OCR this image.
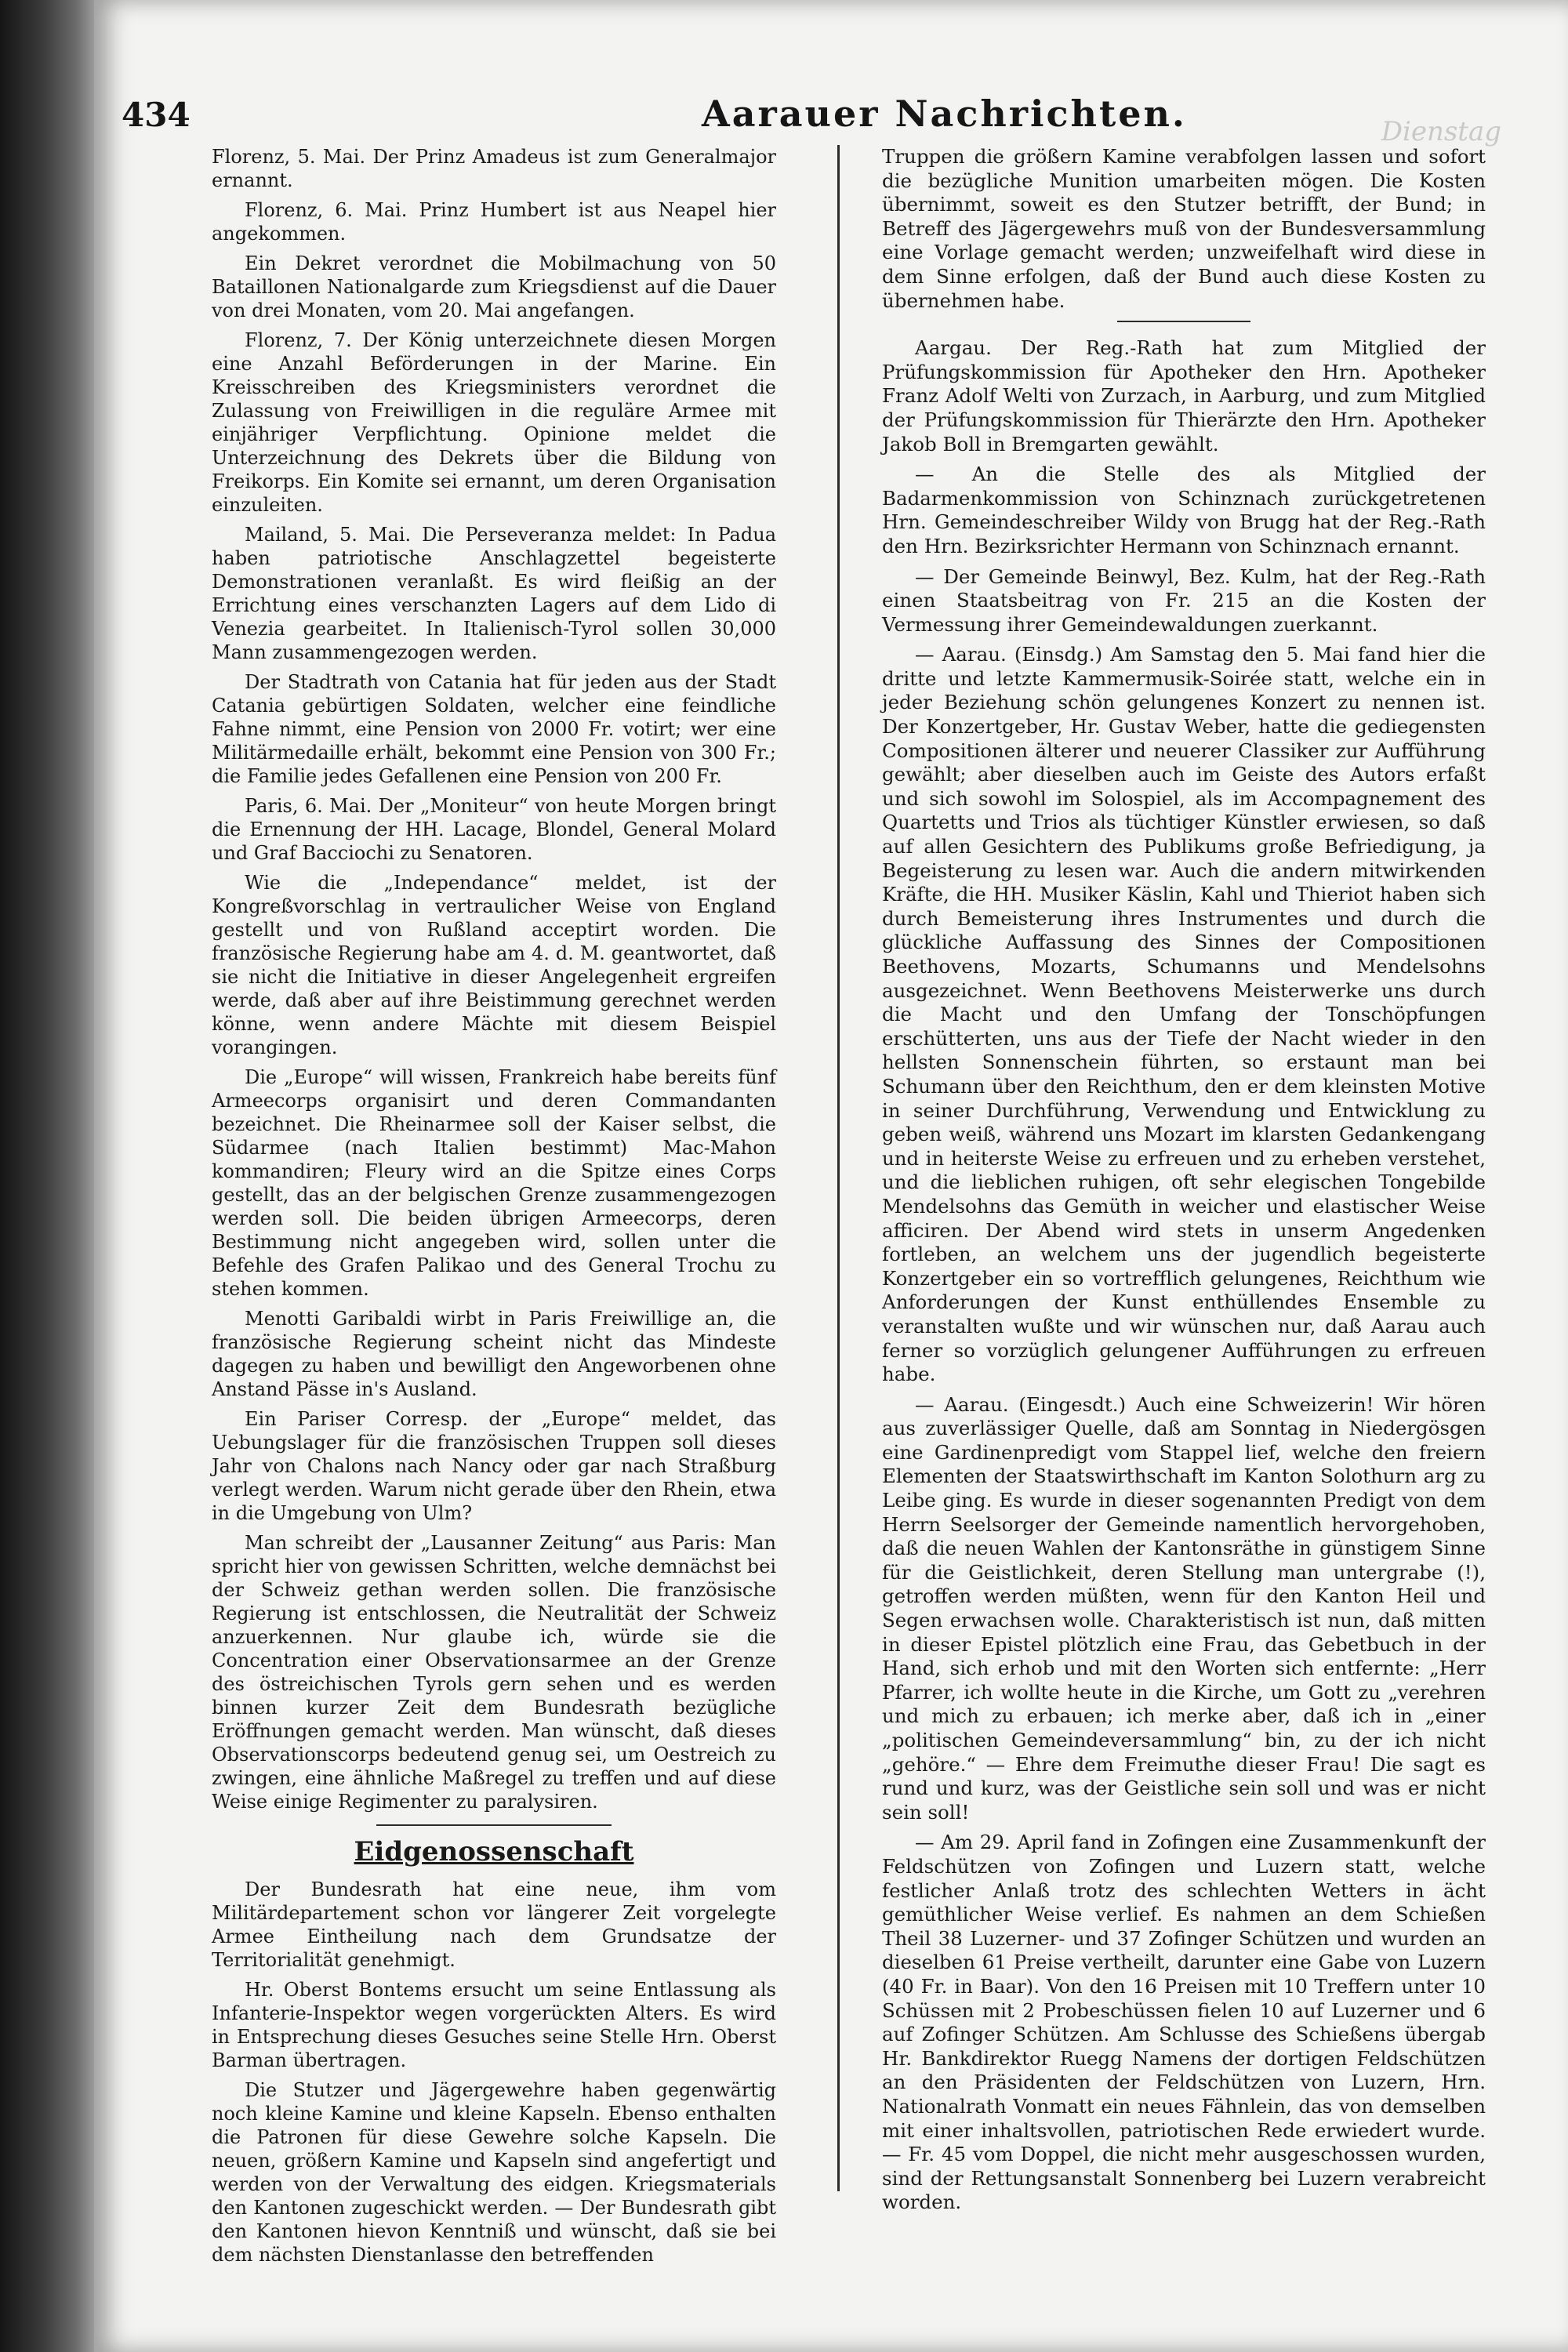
434	Aarauer Nachrichten.	Dienstag

Florenz, 5. Mai. Der Prinz Amadeus ist zum Generalmajor ernannt.

Florenz, 6. Mai. Prinz Humbert ist aus Neapel hier angekommen.

Ein Dekret verordnet die Mobilmachung von 50 Bataillonen Nationalgarde zum Kriegsdienst auf die Dauer von drei Monaten, vom 20. Mai angefangen.

Florenz, 7. Der König unterzeichnete diesen Morgen eine Anzahl Beförderungen in der Marine. Ein Kreisschreiben des Kriegsministers verordnet die Zulassung von Freiwilligen in die reguläre Armee mit einjähriger Verpflichtung. Opinione meldet die Unterzeichnung des Dekrets über die Bildung von Freikorps. Ein Komite sei ernannt, um deren Organisation einzuleiten.

Mailand, 5. Mai. Die Perseveranza meldet: In Padua haben patriotische Anschlagzettel begeisterte Demonstrationen veranlaßt. Es wird fleißig an der Errichtung eines verschanzten Lagers auf dem Lido di Venezia gearbeitet. In Italienisch-Tyrol sollen 30,000 Mann zusammengezogen werden.

Der Stadtrath von Catania hat für jeden aus der Stadt Catania gebürtigen Soldaten, welcher eine feindliche Fahne nimmt, eine Pension von 2000 Fr. votirt; wer eine Militärmedaille erhält, bekommt eine Pension von 300 Fr.; die Familie jedes Gefallenen eine Pension von 200 Fr.

Paris, 6. Mai. Der „Moniteur“ von heute Morgen bringt die Ernennung der HH. Lacage, Blondel, General Molard und Graf Bacciochi zu Senatoren.

Wie die „Independance“ meldet, ist der Kongreßvorschlag in vertraulicher Weise von England gestellt und von Rußland acceptirt worden. Die französische Regierung habe am 4. d. M. geantwortet, daß sie nicht die Initiative in dieser Angelegenheit ergreifen werde, daß aber auf ihre Beistimmung gerechnet werden könne, wenn andere Mächte mit diesem Beispiel vorangingen.

Die „Europe“ will wissen, Frankreich habe bereits fünf Armeecorps organisirt und deren Commandanten bezeichnet. Die Rheinarmee soll der Kaiser selbst, die Südarmee (nach Italien bestimmt) Mac-Mahon kommandiren; Fleury wird an die Spitze eines Corps gestellt, das an der belgischen Grenze zusammengezogen werden soll. Die beiden übrigen Armeecorps, deren Bestimmung nicht angegeben wird, sollen unter die Befehle des Grafen Palikao und des General Trochu zu stehen kommen.

Menotti Garibaldi wirbt in Paris Freiwillige an, die französische Regierung scheint nicht das Mindeste dagegen zu haben und bewilligt den Angeworbenen ohne Anstand Pässe in's Ausland.

Ein Pariser Corresp. der „Europe“ meldet, das Uebungslager für die französischen Truppen soll dieses Jahr von Chalons nach Nancy oder gar nach Straßburg verlegt werden. Warum nicht gerade über den Rhein, etwa in die Umgebung von Ulm?

Man schreibt der „Lausanner Zeitung“ aus Paris: Man spricht hier von gewissen Schritten, welche demnächst bei der Schweiz gethan werden sollen. Die französische Regierung ist entschlossen, die Neutralität der Schweiz anzuerkennen. Nur glaube ich, würde sie die Concentration einer Observationsarmee an der Grenze des östreichischen Tyrols gern sehen und es werden binnen kurzer Zeit dem Bundesrath bezügliche Eröffnungen gemacht werden. Man wünscht, daß dieses Observationscorps bedeutend genug sei, um Oestreich zu zwingen, eine ähnliche Maßregel zu treffen und auf diese Weise einige Regimenter zu paralysiren.

Eidgenossenschaft

Der Bundesrath hat eine neue, ihm vom Militärdepartement schon vor längerer Zeit vorgelegte Armee Eintheilung nach dem Grundsatze der Territorialität genehmigt.

Hr. Oberst Bontems ersucht um seine Entlassung als Infanterie-Inspektor wegen vorgerückten Alters. Es wird in Entsprechung dieses Gesuches seine Stelle Hrn. Oberst Barman übertragen.

Die Stutzer und Jägergewehre haben gegenwärtig noch kleine Kamine und kleine Kapseln. Ebenso enthalten die Patronen für diese Gewehre solche Kapseln. Die neuen, größern Kamine und Kapseln sind angefertigt und werden von der Verwaltung des eidgen. Kriegsmaterials den Kantonen zugeschickt werden. — Der Bundesrath gibt den Kantonen hievon Kenntniß und wünscht, daß sie bei dem nächsten Dienstanlasse den betreffenden

Truppen die größern Kamine verabfolgen lassen und sofort die bezügliche Munition umarbeiten mögen. Die Kosten übernimmt, soweit es den Stutzer betrifft, der Bund; in Betreff des Jägergewehrs muß von der Bundesversammlung eine Vorlage gemacht werden; unzweifelhaft wird diese in dem Sinne erfolgen, daß der Bund auch diese Kosten zu übernehmen habe.

Aargau. Der Reg.-Rath hat zum Mitglied der Prüfungskommission für Apotheker den Hrn. Apotheker Franz Adolf Welti von Zurzach, in Aarburg, und zum Mitglied der Prüfungskommission für Thierärzte den Hrn. Apotheker Jakob Boll in Bremgarten gewählt.

— An die Stelle des als Mitglied der Badarmenkommission von Schinznach zurückgetretenen Hrn. Gemeindeschreiber Wildy von Brugg hat der Reg.-Rath den Hrn. Bezirksrichter Hermann von Schinznach ernannt.

— Der Gemeinde Beinwyl, Bez. Kulm, hat der Reg.-Rath einen Staatsbeitrag von Fr. 215 an die Kosten der Vermessung ihrer Gemeindewaldungen zuerkannt.

— Aarau. (Einsdg.) Am Samstag den 5. Mai fand hier die dritte und letzte Kammermusik-Soirée statt, welche ein in jeder Beziehung schön gelungenes Konzert zu nennen ist. Der Konzertgeber, Hr. Gustav Weber, hatte die gediegensten Compositionen älterer und neuerer Classiker zur Aufführung gewählt; aber dieselben auch im Geiste des Autors erfaßt und sich sowohl im Solospiel, als im Accompagnement des Quartetts und Trios als tüchtiger Künstler erwiesen, so daß auf allen Gesichtern des Publikums große Befriedigung, ja Begeisterung zu lesen war. Auch die andern mitwirkenden Kräfte, die HH. Musiker Käslin, Kahl und Thieriot haben sich durch Bemeisterung ihres Instrumentes und durch die glückliche Auffassung des Sinnes der Compositionen Beethovens, Mozarts, Schumanns und Mendelsohns ausgezeichnet. Wenn Beethovens Meisterwerke uns durch die Macht und den Umfang der Tonschöpfungen erschütterten, uns aus der Tiefe der Nacht wieder in den hellsten Sonnenschein führten, so erstaunt man bei Schumann über den Reichthum, den er dem kleinsten Motive in seiner Durchführung, Verwendung und Entwicklung zu geben weiß, während uns Mozart im klarsten Gedankengang und in heiterste Weise zu erfreuen und zu erheben verstehet, und die lieblichen ruhigen, oft sehr elegischen Tongebilde Mendelsohns das Gemüth in weicher und elastischer Weise afficiren. Der Abend wird stets in unserm Angedenken fortleben, an welchem uns der jugendlich begeisterte Konzertgeber ein so vortrefflich gelungenes, Reichthum wie Anforderungen der Kunst enthüllendes Ensemble zu veranstalten wußte und wir wünschen nur, daß Aarau auch ferner so vorzüglich gelungener Aufführungen zu erfreuen habe.

— Aarau. (Eingesdt.) Auch eine Schweizerin! Wir hören aus zuverlässiger Quelle, daß am Sonntag in Niedergösgen eine Gardinenpredigt vom Stappel lief, welche den freiern Elementen der Staatswirthschaft im Kanton Solothurn arg zu Leibe ging. Es wurde in dieser sogenannten Predigt von dem Herrn Seelsorger der Gemeinde namentlich hervorgehoben, daß die neuen Wahlen der Kantonsräthe in günstigem Sinne für die Geistlichkeit, deren Stellung man untergrabe (!), getroffen werden müßten, wenn für den Kanton Heil und Segen erwachsen wolle. Charakteristisch ist nun, daß mitten in dieser Epistel plötzlich eine Frau, das Gebetbuch in der Hand, sich erhob und mit den Worten sich entfernte: „Herr Pfarrer, ich wollte heute in die Kirche, um Gott zu „verehren und mich zu erbauen; ich merke aber, daß ich in „einer „politischen Gemeindeversammlung“ bin, zu der ich nicht „gehöre.“ — Ehre dem Freimuthe dieser Frau! Die sagt es rund und kurz, was der Geistliche sein soll und was er nicht sein soll!

— Am 29. April fand in Zofingen eine Zusammenkunft der Feldschützen von Zofingen und Luzern statt, welche festlicher Anlaß trotz des schlechten Wetters in ächt gemüthlicher Weise verlief. Es nahmen an dem Schießen Theil 38 Luzerner- und 37 Zofinger Schützen und wurden an dieselben 61 Preise vertheilt, darunter eine Gabe von Luzern (40 Fr. in Baar). Von den 16 Preisen mit 10 Treffern unter 10 Schüssen mit 2 Probeschüssen fielen 10 auf Luzerner und 6 auf Zofinger Schützen. Am Schlusse des Schießens übergab Hr. Bankdirektor Ruegg Namens der dortigen Feldschützen an den Präsidenten der Feldschützen von Luzern, Hrn. Nationalrath Vonmatt ein neues Fähnlein, das von demselben mit einer inhaltsvollen, patriotischen Rede erwiedert wurde. — Fr. 45 vom Doppel, die nicht mehr ausgeschossen wurden, sind der Rettungsanstalt Sonnenberg bei Luzern verabreicht worden.
